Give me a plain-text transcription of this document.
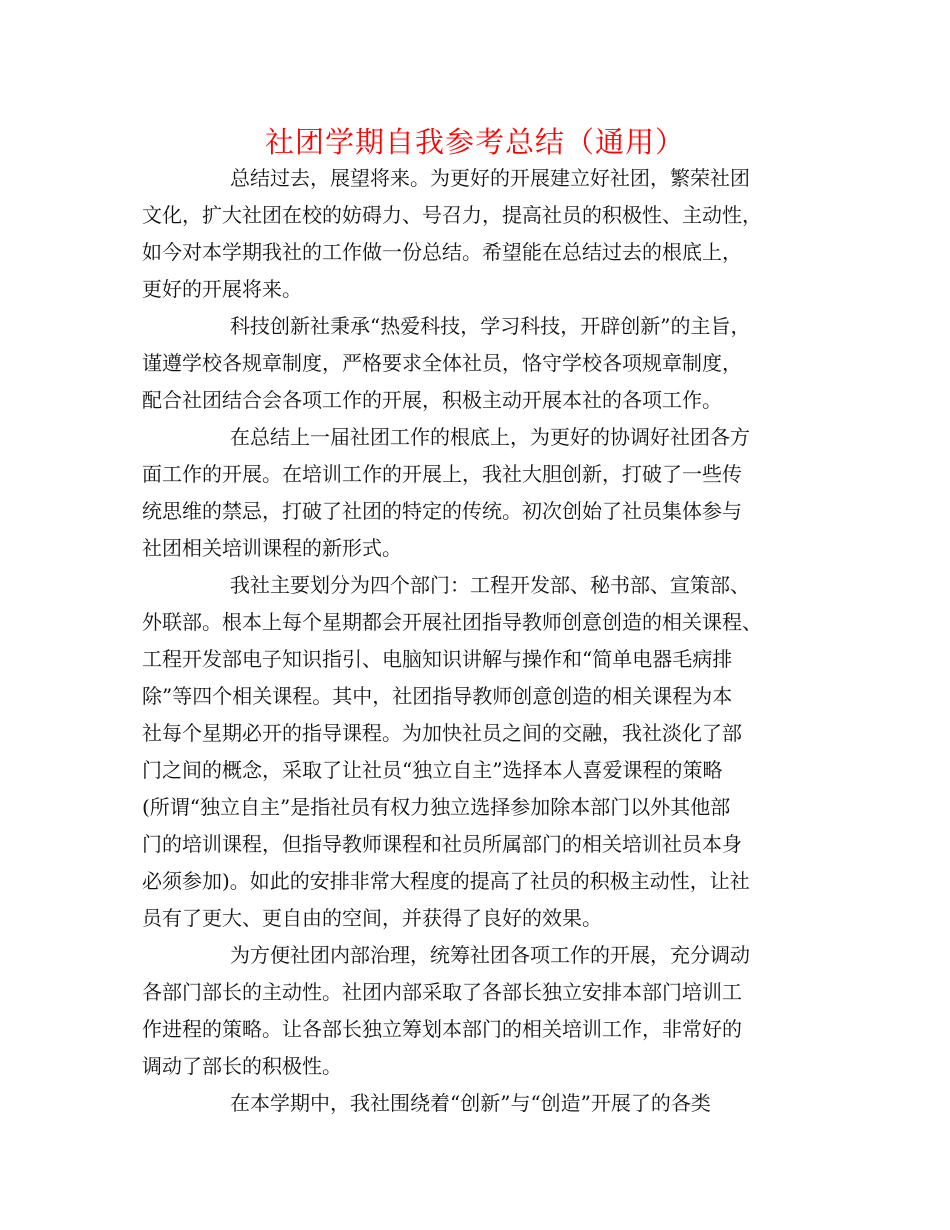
社团学期自我参考总结（通用）
总结过去，展望将来。为更好的开展建立好社团，繁荣社团
文化，扩大社团在校的妨碍力、号召力，提高社员的积极性、主动性，
如今对本学期我社的工作做一份总结。希望能在总结过去的根底上，
更好的开展将来。
科技创新社秉承“热爱科技，学习科技，开辟创新”的主旨，
谨遵学校各规章制度，严格要求全体社员，恪守学校各项规章制度，
配合社团结合会各项工作的开展，积极主动开展本社的各项工作。
在总结上一届社团工作的根底上，为更好的协调好社团各方
面工作的开展。在培训工作的开展上，我社大胆创新，打破了一些传
统思维的禁忌，打破了社团的特定的传统。初次创始了社员集体参与
社团相关培训课程的新形式。
我社主要划分为四个部门：工程开发部、秘书部、宣策部、
外联部。根本上每个星期都会开展社团指导教师创意创造的相关课程、
工程开发部电子知识指引、电脑知识讲解与操作和“简单电器毛病排
除”等四个相关课程。其中，社团指导教师创意创造的相关课程为本
社每个星期必开的指导课程。为加快社员之间的交融，我社淡化了部
门之间的概念，采取了让社员“独立自主”选择本人喜爱课程的策略
(所谓“独立自主”是指社员有权力独立选择参加除本部门以外其他部
门的培训课程，但指导教师课程和社员所属部门的相关培训社员本身
必须参加)。如此的安排非常大程度的提高了社员的积极主动性，让社
员有了更大、更自由的空间，并获得了良好的效果。
为方便社团内部治理，统筹社团各项工作的开展，充分调动
各部门部长的主动性。社团内部采取了各部长独立安排本部门培训工
作进程的策略。让各部长独立筹划本部门的相关培训工作，非常好的
调动了部长的积极性。
在本学期中，我社围绕着“创新”与“创造”开展了的各类
